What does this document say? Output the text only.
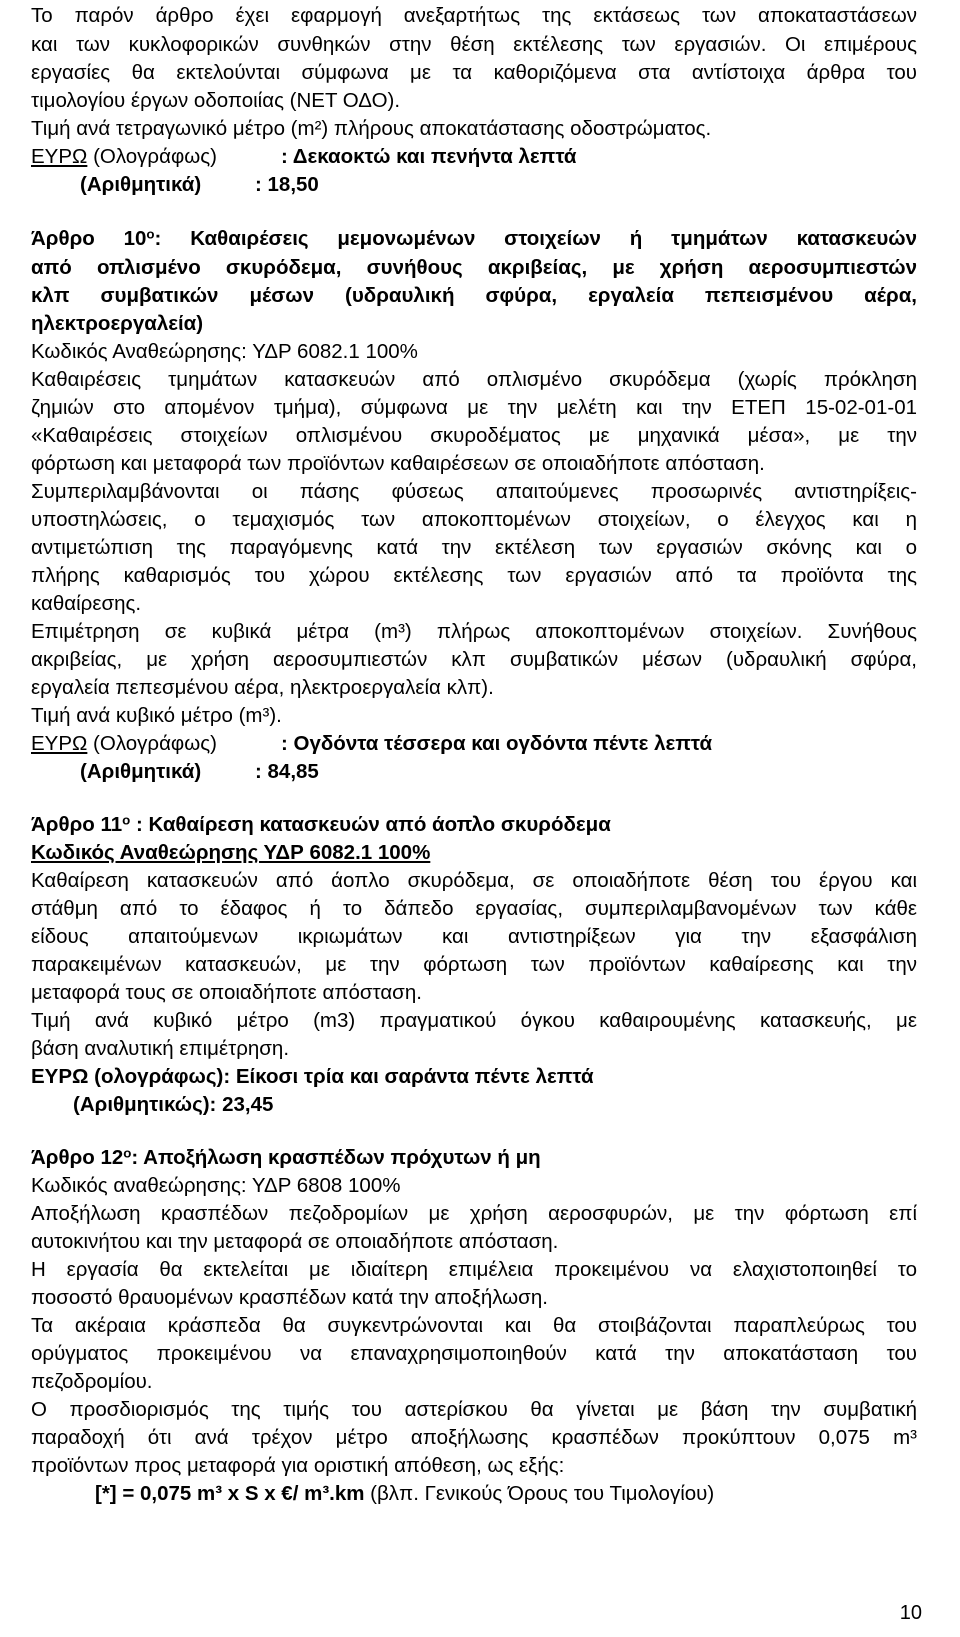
Το παρόν άρθρο έχει εφαρμογή ανεξαρτήτως της εκτάσεως των αποκαταστάσεων
και των κυκλοφορικών συνθηκών στην θέση εκτέλεσης των εργασιών. Οι επιμέρους
εργασίες θα εκτελούνται σύμφωνα με τα καθοριζόμενα στα αντίστοιχα άρθρα του
τιμολογίου έργων οδοποιίας (ΝΕΤ ΟΔΟ).
Τιμή ανά τετραγωνικό μέτρο (m²) πλήρους αποκατάστασης οδοστρώματος.
ΕΥΡΩ (Ολογράφως)	: Δεκαοκτώ και πενήντα λεπτά
(Αριθμητικά)	: 18,50
Άρθρο $10^o$: Καθαιρέσεις μεμονωμένων στοιχείων ή τμημάτων κατασκευών
από οπλισμένο σκυρόδεμα, συνήθους ακριβείας, με χρήση αεροσυμπιεστών
κλπ συμβατικών μέσων (υδραυλική σφύρα, εργαλεία πεπεισμένου αέρα,
ηλεκτροεργαλεία)
Κωδικός Αναθεώρησης: ΥΔΡ 6082.1 100%
Καθαιρέσεις τμημάτων κατασκευών από οπλισμένο σκυρόδεμα (χωρίς πρόκληση
ζημιών στο απομένον τμήμα), σύμφωνα με την μελέτη και την ΕΤΕΠ 15-02-01-01
«Καθαιρέσεις στοιχείων οπλισμένου σκυροδέματος με μηχανικά μέσα», με την
φόρτωση και μεταφορά των προϊόντων καθαιρέσεων σε οποιαδήποτε απόσταση.
Συμπεριλαμβάνονται οι πάσης φύσεως απαιτούμενες προσωρινές αντιστηρίξεις-
υποστηλώσεις, ο τεμαχισμός των αποκοπτομένων στοιχείων, ο έλεγχος και η
αντιμετώπιση της παραγόμενης κατά την εκτέλεση των εργασιών σκόνης και ο
πλήρης καθαρισμός του χώρου εκτέλεσης των εργασιών από τα προϊόντα της
καθαίρεσης.
Επιμέτρηση σε κυβικά μέτρα (m³) πλήρως αποκοπτομένων στοιχείων. Συνήθους
ακριβείας, με χρήση αεροσυμπιεστών κλπ συμβατικών μέσων (υδραυλική σφύρα,
εργαλεία πεπεσμένου αέρα, ηλεκτροεργαλεία κλπ).
Τιμή ανά κυβικό μέτρο (m³).
ΕΥΡΩ (Ολογράφως)	: Ογδόντα τέσσερα και ογδόντα πέντε λεπτά
(Αριθμητικά)	: 84,85
Άρθρο $11^o$ : Καθαίρεση κατασκευών από άοπλο σκυρόδεμα
Κωδικός Αναθεώρησης ΥΔΡ 6082.1 100%
Καθαίρεση κατασκευών από άοπλο σκυρόδεμα, σε οποιαδήποτε θέση του έργου και
στάθμη από το έδαφος ή το δάπεδο εργασίας, συμπεριλαμβανομένων των κάθε
είδους απαιτούμενων ικριωμάτων και αντιστηρίξεων για την εξασφάλιση
παρακειμένων κατασκευών, με την φόρτωση των προϊόντων καθαίρεσης και την
μεταφορά τους σε οποιαδήποτε απόσταση.
Τιμή ανά κυβικό μέτρο (m3) πραγματικού όγκου καθαιρουμένης κατασκευής, με
βάση αναλυτική επιμέτρηση.
ΕΥΡΩ (ολογράφως): Είκοσι τρία και σαράντα πέντε λεπτά
(Αριθμητικώς): 23,45
Άρθρο $12^o$: Αποξήλωση κρασπέδων πρόχυτων ή μη
Κωδικός αναθεώρησης: ΥΔΡ 6808 100%
Αποξήλωση κρασπέδων πεζοδρομίων με χρήση αεροσφυρών, με την φόρτωση επί
αυτοκινήτου και την μεταφορά σε οποιαδήποτε απόσταση.
Η εργασία θα εκτελείται με ιδιαίτερη επιμέλεια προκειμένου να ελαχιστοποιηθεί το
ποσοστό θραυομένων κρασπέδων κατά την αποξήλωση.
Τα ακέραια κράσπεδα θα συγκεντρώνονται και θα στοιβάζονται παραπλεύρως του
ορύγματος προκειμένου να επαναχρησιμοποιηθούν κατά την αποκατάσταση του
πεζοδρομίου.
Ο προσδιορισμός της τιμής του αστερίσκου θα γίνεται με βάση την συμβατική
παραδοχή ότι ανά τρέχον μέτρο αποξήλωσης κρασπέδων προκύπτουν 0,075 m³
προϊόντων προς μεταφορά για οριστική απόθεση, ως εξής:
[*] = 0,075 m³ x S x €/ m³.km (βλπ. Γενικούς Όρους του Τιμολογίου)
10
